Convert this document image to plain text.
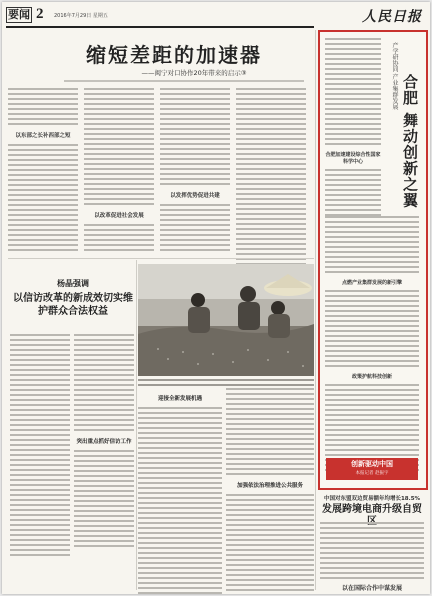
要闻 2 2016年7月29日 星期五	人民日报
缩短差距的加速器
——闽宁对口协作20年带来的启示③
以东部之长补西部之短
以改革促进社会发展
以发挥优势促进共建
杨晶强调
以信访改革的新成效切实维护群众合法权益
突出重点抓好信访工作
迎接全新发展机遇
加强依法治理推进公共服务
合肥加速建设综合性国家科学中心
产学研协同 产业集群发展 合肥 舞动创新之翼
点燃产业集群发展的新引擎
政策护航科技创新
创新驱动中国
本报记者 赵振宇
中国对东盟双边贸易额年均增长18.5%
发展跨境电商升级自贸
以在国际合作中谋发展
